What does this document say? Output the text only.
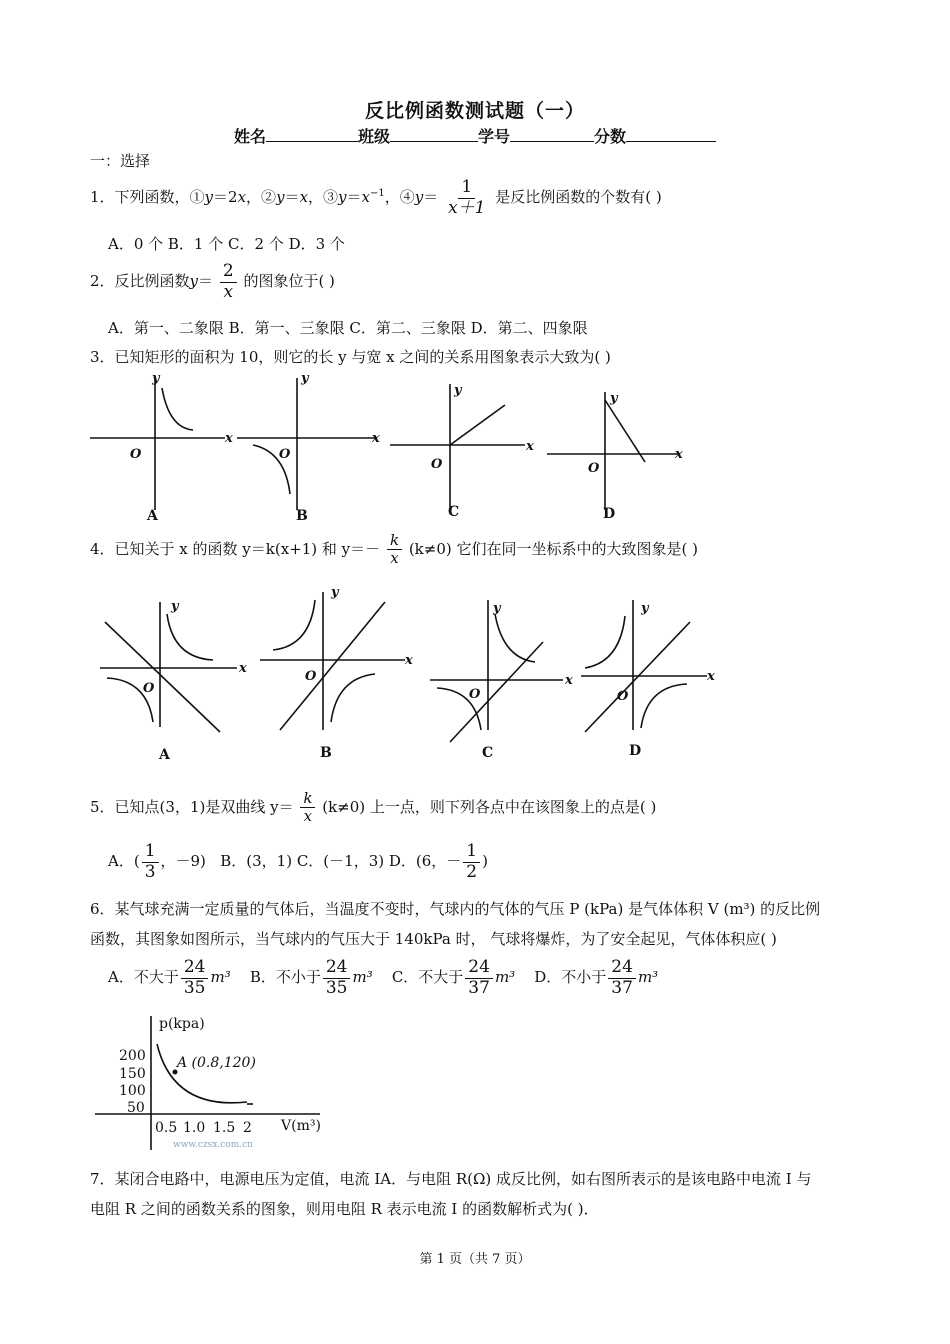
反比例函数测试题（一）
姓名	班级	学号	分数
一：选择
1．下列函数，①y＝2x，②y＝x，$③y=x^{-1}$，④y＝ $\frac{1}{x+1}$ 是反比例函数的个数有( )
A．0 个 B．1 个 C．2 个 D．3 个
2．反比例函数$y= \frac{2}{x}$ 的图象位于( )
A．第一、二象限 B．第一、三象限 C．第二、三象限 D．第二、四象限
3．已知矩形的面积为 10，则它的长 y 与宽 x 之间的关系用图象表示大致为( )
y
x
O
y
x
O
y
x
O
y
x
O
A	B	C	D
4．已知关于 x 的函数 y＝k(x+1) 和 $y=- \frac{k}{x} (k\ne 0)$ 它们在同一坐标系中的大致图象是( )
y
x
O
y
x
O
y
x
O
y
x
O
A	B	C	D
5．已知点(3，1)是双曲线 $y= \frac{k}{x} (k\ne 0)$ 上一点，则下列各点中在该图象上的点是( )
A．( $\frac{1}{3}$ ，－9) B．(3，1) C．(－1，3) D．(6，－ $\frac{1}{2}$ )
6．某气球充满一定质量的气体后，当温度不变时，气球内的气体的气压 P (kPa) 是气体体积 V (m³) 的反比例
函数，其图象如图所示，当气球内的气压大于 140kPa 时， 气球将爆炸，为了安全起见，气体体积应( )
A．不大于 $\frac{24}{35} m^3$ B．不小于 $\frac{24}{35} m^3$ C．不大于 $\frac{24}{37} m^3$ D．不小于 $\frac{24}{37} m^3$
p(kpa)
V(m³)
200
150
100
50
0.5 1.0 1.5 2
A (0.8,120)
www.czsx.com.cn
7．某闭合电路中，电源电压为定值，电流 IA．与电阻 R(Ω) 成反比例，如右图所表示的是该电路中电流 I 与
电阻 R 之间的函数关系的图象，则用电阻 R 表示电流 I 的函数解析式为( )．
第 1 页（共 7 页）
